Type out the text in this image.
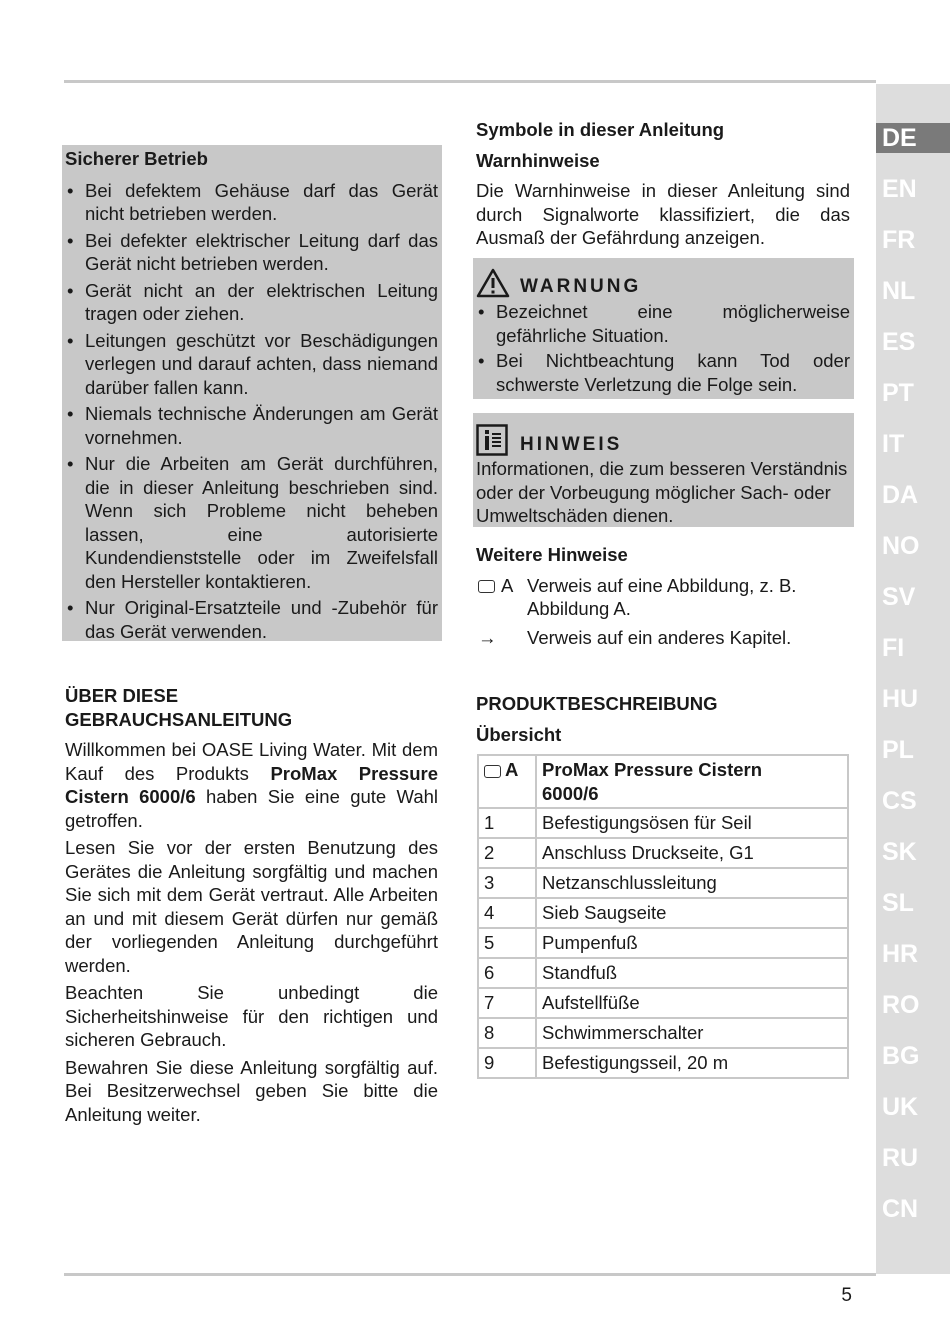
DE
EN
FR
NL
ES
PT
IT
DA
NO
SV
FI
HU
PL
CS
SK
SL
HR
RO
BG
UK
RU
CN
Sicherer Betrieb
• Bei defektem Gehäuse darf das Gerät nicht betrieben werden.
• Bei defekter elektrischer Leitung darf das Gerät nicht betrieben werden.
• Gerät nicht an der elektrischen Leitung tragen oder ziehen.
• Leitungen geschützt vor Beschädigungen verlegen und darauf achten, dass niemand darüber fallen kann.
• Niemals technische Änderungen am Gerät vornehmen.
• Nur die Arbeiten am Gerät durchführen, die in dieser Anleitung beschrieben sind. Wenn sich Probleme nicht beheben lassen, eine autorisierte Kundendienststelle oder im Zweifelsfall den Hersteller kontaktieren.
• Nur Original-Ersatzteile und -Zubehör für das Gerät verwenden.
ÜBER DIESE
GEBRAUCHSANLEITUNG

Willkommen bei OASE Living Water. Mit dem Kauf des Produkts ProMax Pressure Cistern 6000/6 haben Sie eine gute Wahl getroffen.

Lesen Sie vor der ersten Benutzung des Gerätes die Anleitung sorgfältig und machen Sie sich mit dem Gerät vertraut. Alle Arbeiten an und mit diesem Gerät dürfen nur gemäß der vorliegenden Anleitung durchgeführt werden.

Beachten Sie unbedingt die Sicherheitshinweise für den richtigen und sicheren Gebrauch.

Bewahren Sie diese Anleitung sorgfältig auf. Bei Besitzerwechsel geben Sie bitte die Anleitung weiter.

Symbole in dieser Anleitung
Warnhinweise

Die Warnhinweise in dieser Anleitung sind durch Signalworte klassifiziert, die das Ausmaß der Gefährdung anzeigen.

WARNUNG
• Bezeichnet eine möglicherweise gefährliche Situation.
• Bei Nichtbeachtung kann Tod oder schwerste Verletzung die Folge sein.
HINWEIS

Informationen, die zum besseren Verständnis oder der Vorbeugung möglicher Sach- oder Umweltschäden dienen.

Weitere Hinweise
A Verweis auf eine Abbildung, z. B. Abbildung A.
→	Verweis auf ein anderes Kapitel.
PRODUKTBESCHREIBUNG
Übersicht
A	ProMax Pressure Cistern 6000/6
1	Befestigungsösen für Seil
2	Anschluss Druckseite, G1
3	Netzanschlussleitung
4	Sieb Saugseite
5	Pumpenfuß
6	Standfuß
7	Aufstellfüße
8	Schwimmerschalter
9	Befestigungsseil, 20 m
5
